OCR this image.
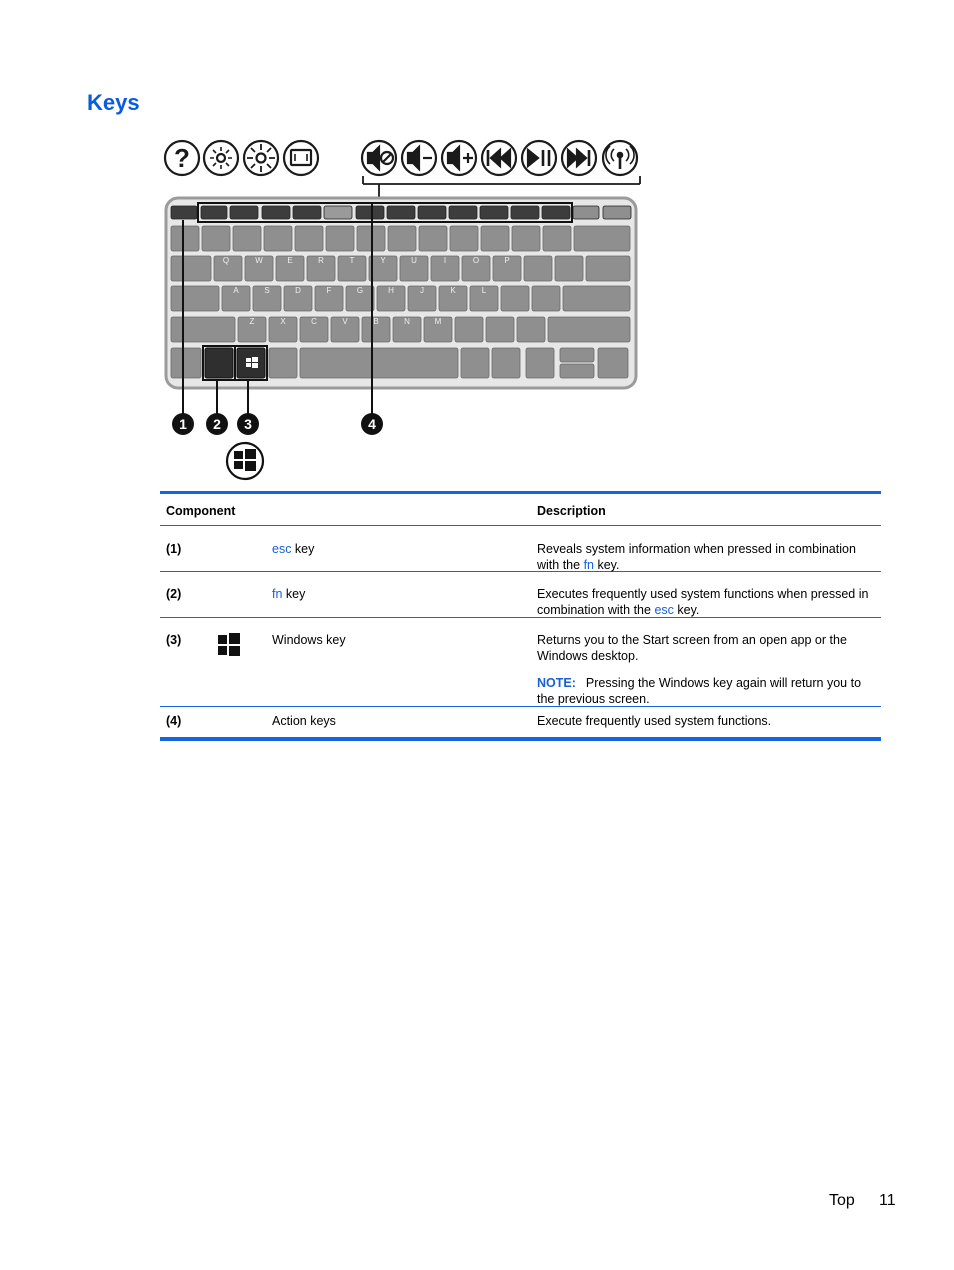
Keys
?
Q	W	E	R	T	Y	U	I	O	P
A	S	D	F	G	H	J	K	L
Z	X	C	V	B	N	M
1 2 3	4
Component	Description
(1)	esc key	Reveals system information when pressed in combination with the fn key.
(2)	fn key	Executes frequently used system functions when pressed in combination with the esc key.
(3)	Windows key	Returns you to the Start screen from an open app or the Windows desktop.
NOTE: Pressing the Windows key again will return you to the previous screen.
(4)	Action keys	Execute frequently used system functions.
Top 11
